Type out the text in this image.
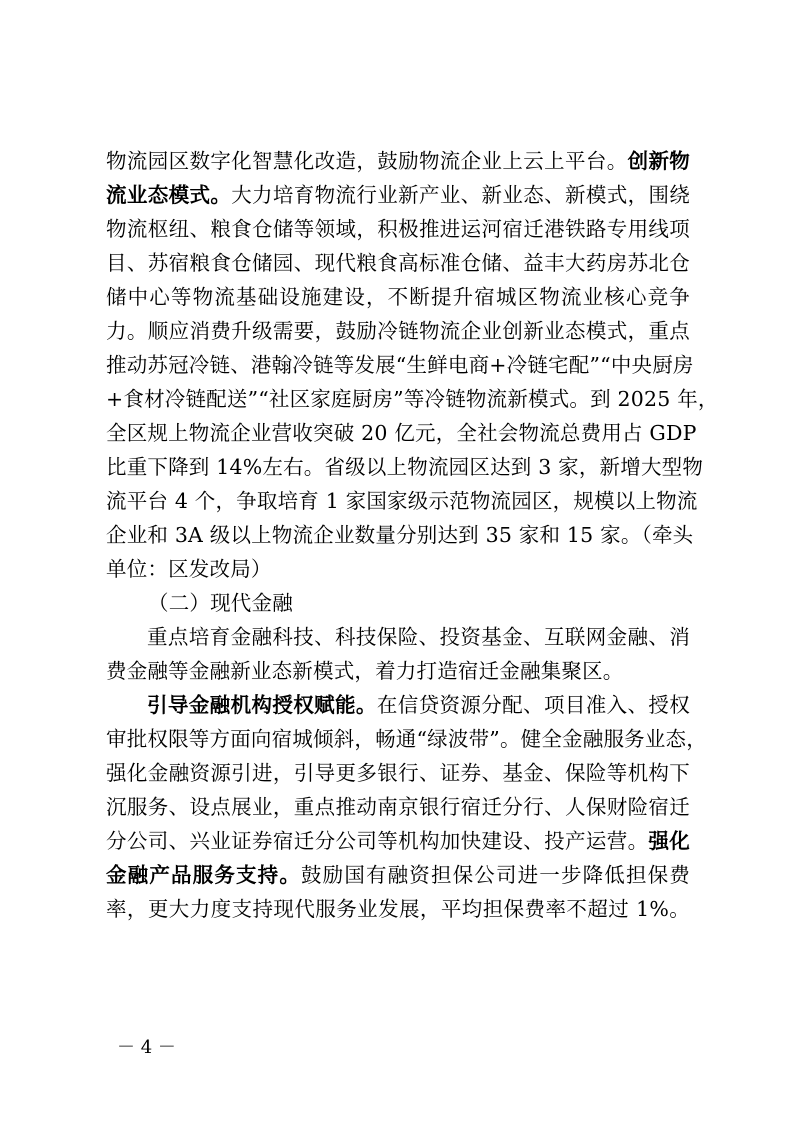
物流园区数字化智慧化改造，鼓励物流企业上云上平台。创新物
流业态模式。大力培育物流行业新产业、新业态、新模式，围绕
物流枢纽、粮食仓储等领域，积极推进运河宿迁港铁路专用线项
目、苏宿粮食仓储园、现代粮食高标准仓储、益丰大药房苏北仓
储中心等物流基础设施建设，不断提升宿城区物流业核心竞争
力。顺应消费升级需要，鼓励冷链物流企业创新业态模式，重点
推动苏冠冷链、港翰冷链等发展“生鲜电商+冷链宅配”“中央厨房
+食材冷链配送”“社区家庭厨房”等冷链物流新模式。到 2025 年，
全区规上物流企业营收突破 20 亿元，全社会物流总费用占 GDP
比重下降到 14%左右。省级以上物流园区达到 3 家，新增大型物
流平台 4 个，争取培育 1 家国家级示范物流园区，规模以上物流
企业和 3A 级以上物流企业数量分别达到 35 家和 15 家。（牵头
单位：区发改局）
（二）现代金融
重点培育金融科技、科技保险、投资基金、互联网金融、消
费金融等金融新业态新模式，着力打造宿迁金融集聚区。
引导金融机构授权赋能。在信贷资源分配、项目准入、授权
审批权限等方面向宿城倾斜，畅通“绿波带”。健全金融服务业态，
强化金融资源引进，引导更多银行、证券、基金、保险等机构下
沉服务、设点展业，重点推动南京银行宿迁分行、人保财险宿迁
分公司、兴业证券宿迁分公司等机构加快建设、投产运营。强化
金融产品服务支持。鼓励国有融资担保公司进一步降低担保费
率，更大力度支持现代服务业发展，平均担保费率不超过 1%。
－ 4 －
